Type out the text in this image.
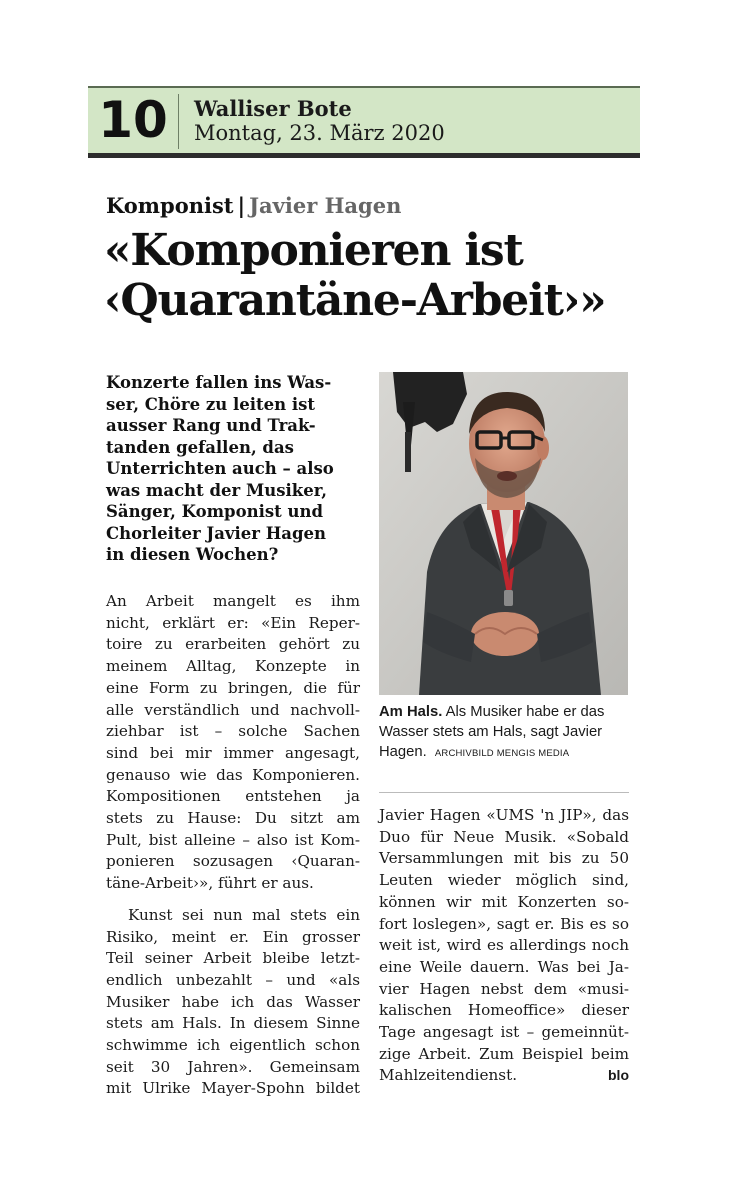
10	Walliser Bote
Montag, 23. März 2020
Komponist | Javier Hagen
«Komponieren ist
‹Quarantäne-Arbeit›»

Konzerte fallen ins Was-
ser, Chöre zu leiten ist
ausser Rang und Trak-
tanden gefallen, das
Unterrichten auch – also
was macht der Musiker,
Sänger, Komponist und
Chorleiter Javier Hagen
in diesen Wochen?

An Arbeit mangelt es ihm
nicht, erklärt er: «Ein Reper-
toire zu erarbeiten gehört zu
meinem Alltag, Konzepte in
eine Form zu bringen, die für
alle verständlich und nachvoll-
ziehbar ist – solche Sachen
sind bei mir immer angesagt,
genauso wie das Komponieren.
Kompositionen entstehen ja
stets zu Hause: Du sitzt am
Pult, bist alleine – also ist Kom-
ponieren sozusagen ‹Quaran-
täne-Arbeit›», führt er aus.
Kunst sei nun mal stets ein
Risiko, meint er. Ein grosser
Teil seiner Arbeit bleibe letzt-
endlich unbezahlt – und «als
Musiker habe ich das Wasser
stets am Hals. In diesem Sinne
schwimme ich eigentlich schon
seit 30 Jahren». Gemeinsam
mit Ulrike Mayer-Spohn bildet
Am Hals. Als Musiker habe er das Wasser stets am Hals, sagt Javier Hagen. ARCHIVBILD MENGIS MEDIA
Javier Hagen «UMS 'n JIP», das
Duo für Neue Musik. «Sobald
Versammlungen mit bis zu 50
Leuten wieder möglich sind,
können wir mit Konzerten so-
fort loslegen», sagt er. Bis es so
weit ist, wird es allerdings noch
eine Weile dauern. Was bei Ja-
vier Hagen nebst dem «musi-
kalischen Homeoffice» dieser
Tage angesagt ist – gemeinnüt-
zige Arbeit. Zum Beispiel beim
Mahlzeitendienst.	blo
